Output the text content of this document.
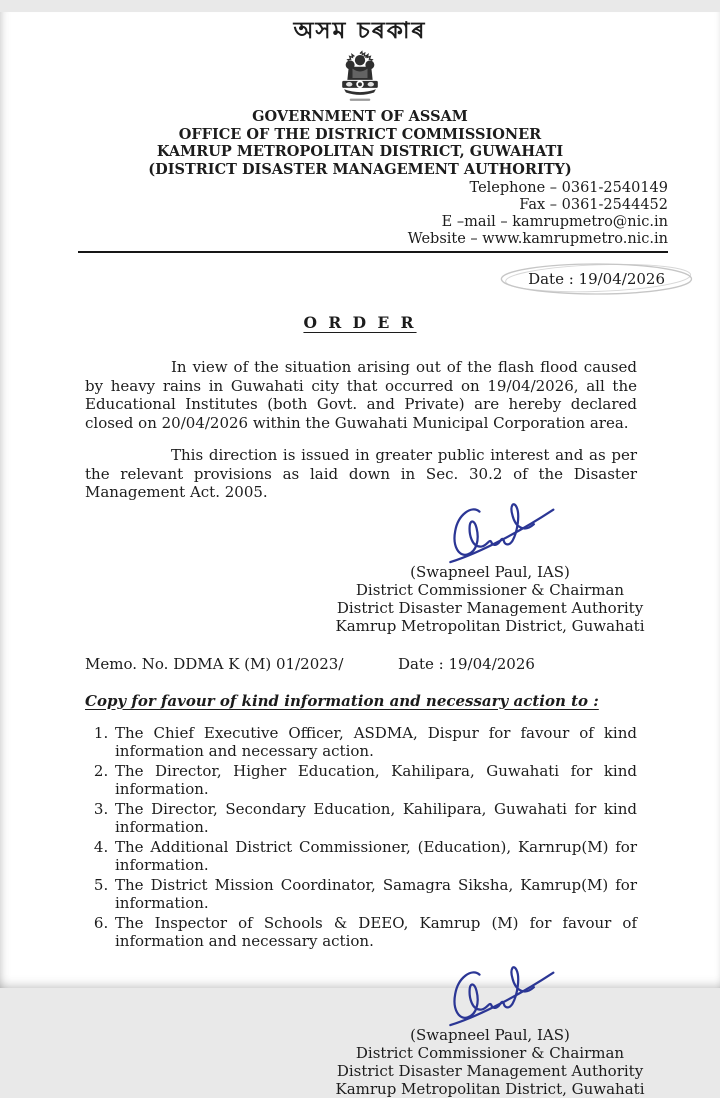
অসম চৰকাৰ
GOVERNMENT OF ASSAM
OFFICE OF THE DISTRICT COMMISSIONER
KAMRUP METROPOLITAN DISTRICT, GUWAHATI
(DISTRICT DISASTER MANAGEMENT AUTHORITY)
Telephone – 0361-2540149
Fax – 0361-2544452
E –mail – kamrupmetro@nic.in
Website – www.kamrupmetro.nic.in
Date : 19/04/2026
O R D E R

In view of the situation arising out of the flash flood caused by heavy rains in Guwahati city that occurred on 19/04/2026, all the Educational Institutes (both Govt. and Private) are hereby declared closed on 20/04/2026 within the Guwahati Municipal Corporation area.

This direction is issued in greater public interest and as per the relevant provisions as laid down in Sec. 30.2 of the Disaster Management Act. 2005.

(Swapneel Paul, IAS)
District Commissioner & Chairman
District Disaster Management Authority
Kamrup Metropolitan District, Guwahati
Memo. No. DDMA K (M) 01/2023/	Date : 19/04/2026
Copy for favour of kind information and necessary action to :
1. The Chief Executive Officer, ASDMA, Dispur for favour of kind information and necessary action.
2. The Director, Higher Education, Kahilipara, Guwahati for kind information.
3. The Director, Secondary Education, Kahilipara, Guwahati for kind information.
4. The Additional District Commissioner, (Education), Karnrup(M) for information.
5. The District Mission Coordinator, Samagra Siksha, Kamrup(M) for information.
6. The Inspector of Schools & DEEO, Kamrup (M) for favour of information and necessary action.
(Swapneel Paul, IAS)
District Commissioner & Chairman
District Disaster Management Authority
Kamrup Metropolitan District, Guwahati
